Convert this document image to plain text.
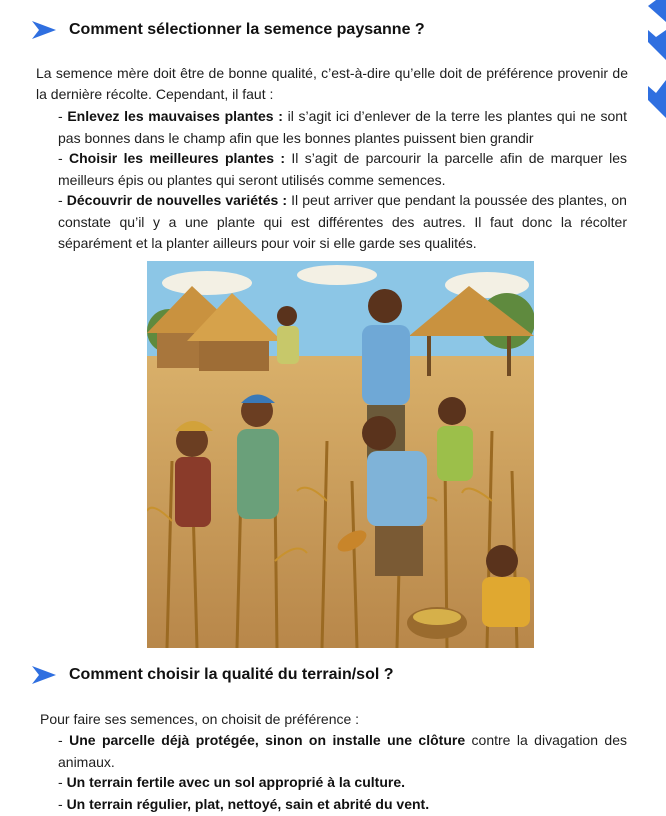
Comment sélectionner la semence paysanne ?

La semence mère doit être de bonne qualité, c’est-à-dire qu’elle doit de préférence provenir de la dernière récolte. Cependant, il faut :

- Enlevez les mauvaises plantes : il s’agit ici d’enlever de la terre les plantes qui ne sont pas bonnes dans le champ afin que les bonnes plantes puissent bien grandir

- Choisir les meilleures plantes : Il s’agit de parcourir la parcelle afin de marquer les meilleurs épis ou plantes qui seront utilisés comme semences.

- Découvrir de nouvelles variétés : Il peut arriver que pendant la poussée des plantes, on constate qu’il y a une plante qui est différentes des autres. Il faut donc la récolter séparément et la planter ailleurs pour voir si elle garde ses qualités.

Comment choisir la qualité du terrain/sol ?

Pour faire ses semences, on choisit de préférence :

- Une parcelle déjà protégée, sinon on installe une clôture contre la divagation des animaux.

- Un terrain fertile avec un sol approprié à la culture.

- Un terrain régulier, plat, nettoyé, sain et abrité du vent.
